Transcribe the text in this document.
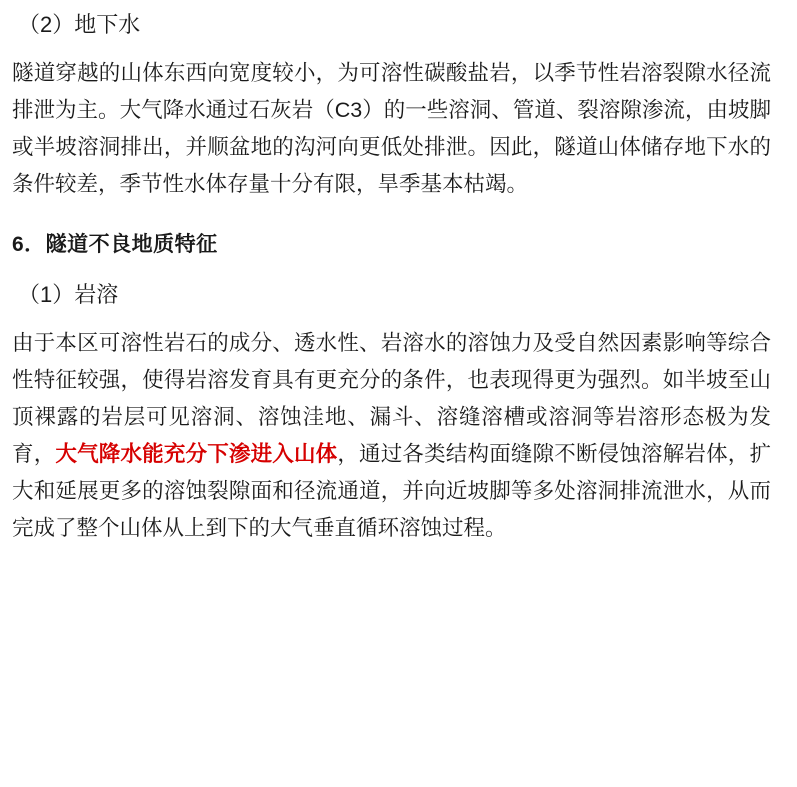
（2）地下水

隧道穿越的山体东西向宽度较小，为可溶性碳酸盐岩，以季节性岩溶裂隙水径流排泄为主。大气降水通过石灰岩（C3）的一些溶洞、管道、裂溶隙渗流，由坡脚或半坡溶洞排出，并顺盆地的沟河向更低处排泄。因此，隧道山体储存地下水的条件较差，季节性水体存量十分有限，旱季基本枯竭。

6．隧道不良地质特征
（1）岩溶

由于本区可溶性岩石的成分、透水性、岩溶水的溶蚀力及受自然因素影响等综合性特征较强，使得岩溶发育具有更充分的条件，也表现得更为强烈。如半坡至山顶裸露的岩层可见溶洞、溶蚀洼地、漏斗、溶缝溶槽或溶洞等岩溶形态极为发育，大气降水能充分下渗进入山体，通过各类结构面缝隙不断侵蚀溶解岩体，扩大和延展更多的溶蚀裂隙面和径流通道，并向近坡脚等多处溶洞排流泄水，从而完成了整个山体从上到下的大气垂直循环溶蚀过程。
